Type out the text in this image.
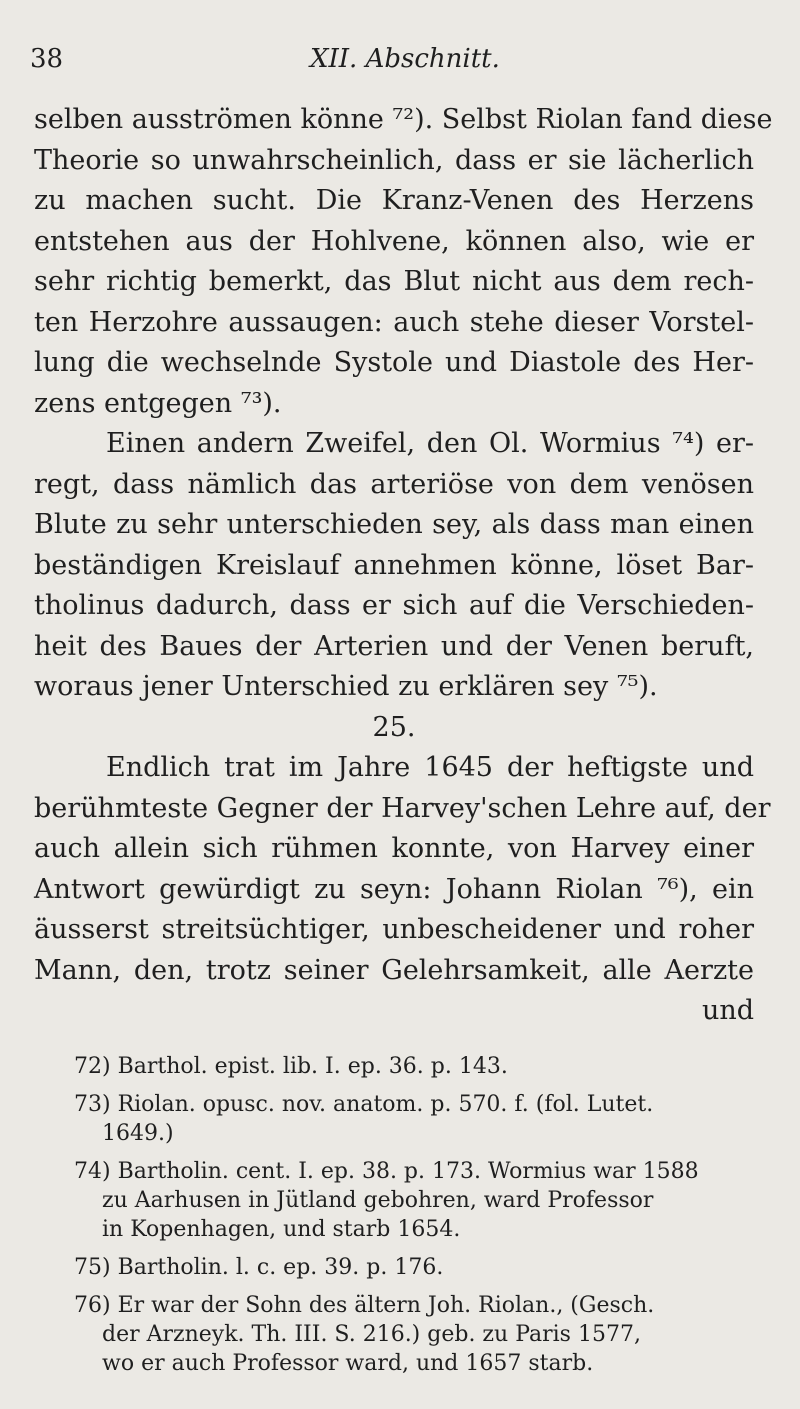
38	XII. Abschnitt.
selben ausströmen könne ⁷²). Selbst Riolan fand diese
Theorie so unwahrscheinlich, dass er sie lächerlich
zu machen sucht. Die Kranz-Venen des Herzens
entstehen aus der Hohlvene, können also, wie er
sehr richtig bemerkt, das Blut nicht aus dem rech-
ten Herzohre aussaugen: auch stehe dieser Vorstel-
lung die wechselnde Systole und Diastole des Her-
zens entgegen ⁷³).
Einen andern Zweifel, den Ol. Wormius ⁷⁴) er-
regt, dass nämlich das arteriöse von dem venösen
Blute zu sehr unterschieden sey, als dass man einen
beständigen Kreislauf annehmen könne, löset Bar-
tholinus dadurch, dass er sich auf die Verschieden-
heit des Baues der Arterien und der Venen beruft,
woraus jener Unterschied zu erklären sey ⁷⁵).
25.
Endlich trat im Jahre 1645 der heftigste und
berühmteste Gegner der Harvey'schen Lehre auf, der
auch allein sich rühmen konnte, von Harvey einer
Antwort gewürdigt zu seyn: Johann Riolan ⁷⁶), ein
äusserst streitsüchtiger, unbescheidener und roher
Mann, den, trotz seiner Gelehrsamkeit, alle Aerzte
und
72) Barthol. epist. lib. I. ep. 36. p. 143.
73) Riolan. opusc. nov. anatom. p. 570. f. (fol. Lutet.
1649.)
74) Bartholin. cent. I. ep. 38. p. 173. Wormius war 1588
zu Aarhusen in Jütland gebohren, ward Professor
in Kopenhagen, und starb 1654.
75) Bartholin. l. c. ep. 39. p. 176.
76) Er war der Sohn des ältern Joh. Riolan., (Gesch.
der Arzneyk. Th. III. S. 216.) geb. zu Paris 1577,
wo er auch Professor ward, und 1657 starb.
